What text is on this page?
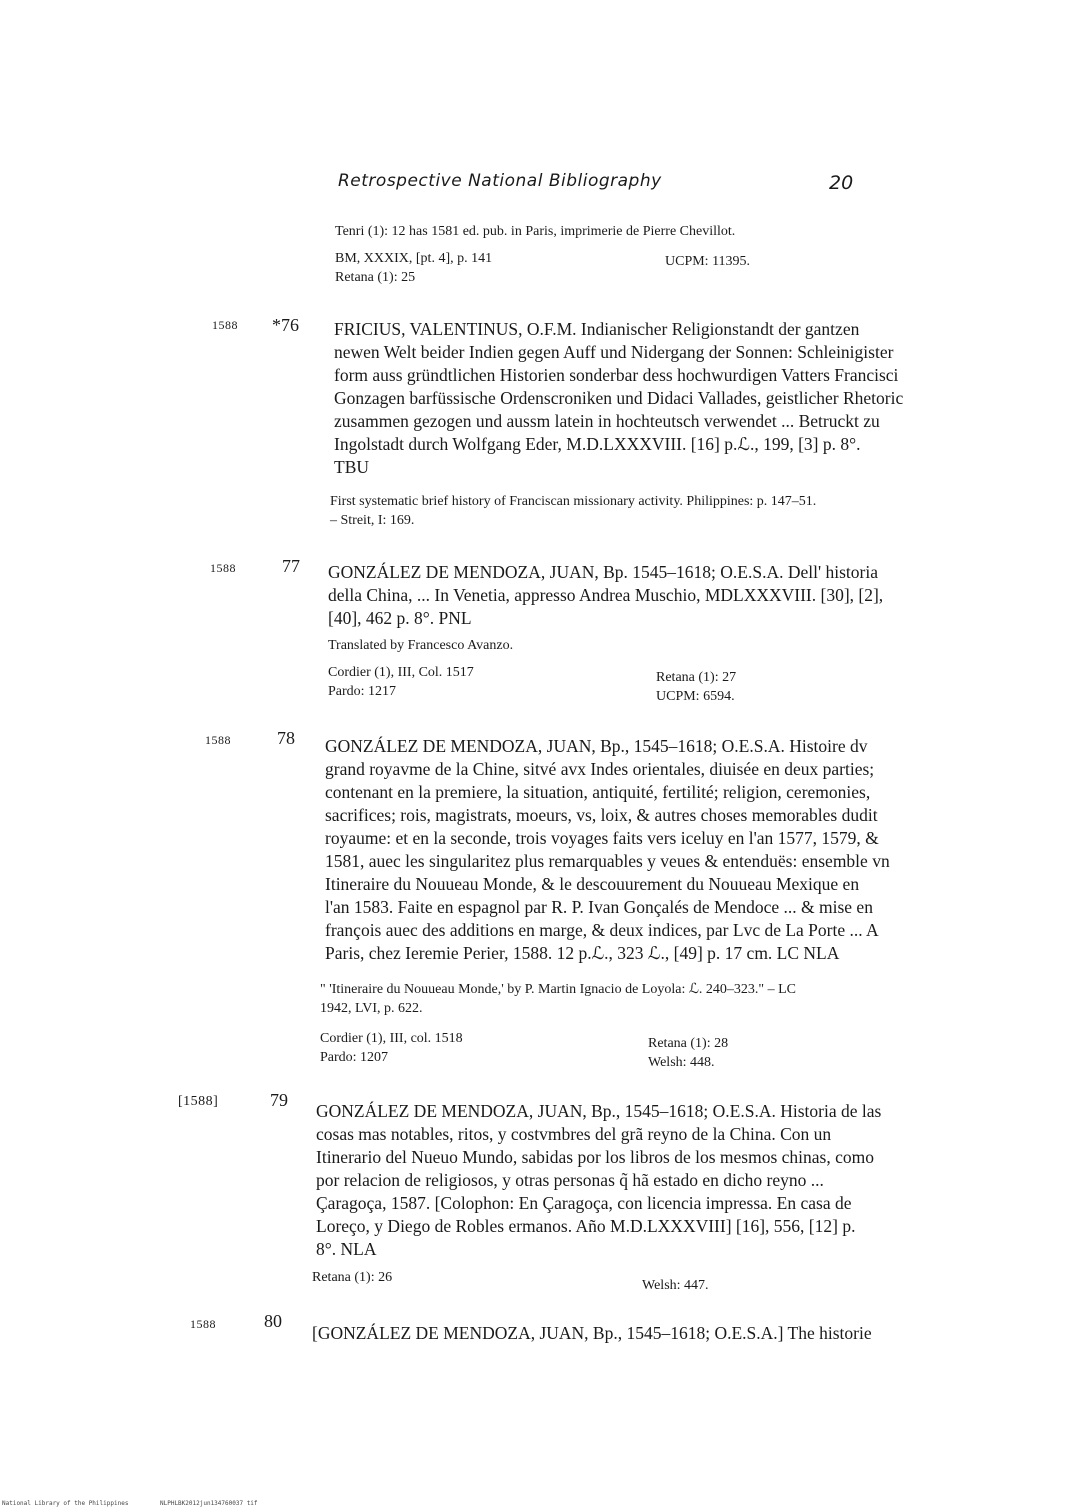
Retrospective National Bibliography	20
Tenri (1): 12 has 1581 ed. pub. in Paris, imprimerie de Pierre Chevillot.
BM, XXXIX, [pt. 4], p. 141	UCPM: 11395.
Retana (1): 25
1588 *76 FRICIUS, VALENTINUS, O.F.M. Indianischer Religionstandt der gantzen
newen Welt beider Indien gegen Auff und Nidergang der Sonnen: Schleinigister
form auss gründtlichen Historien sonderbar dess hochwurdigen Vatters Francisci
Gonzagen barfüssische Ordenscroniken und Didaci Vallades, geistlicher Rhetoric
zusammen gezogen und aussm latein in hochteutsch verwendet ... Betruckt zu
Ingolstadt durch Wolfgang Eder, M.D.LXXXVIII. [16] p.ℒ., 199, [3] p. 8°.
TBU
First systematic brief history of Franciscan missionary activity. Philippines: p. 147–51.
– Streit, I: 169.
1588	77 GONZÁLEZ DE MENDOZA, JUAN, Bp. 1545–1618; O.E.S.A. Dell' historia
della China, ... In Venetia, appresso Andrea Muschio, MDLXXXVIII. [30], [2],
[40], 462 p. 8°. PNL
Translated by Francesco Avanzo.
Cordier (1), III, Col. 1517
Pardo: 1217
Retana (1): 27
UCPM: 6594.
1588	78 GONZÁLEZ DE MENDOZA, JUAN, Bp., 1545–1618; O.E.S.A. Histoire dv
grand royavme de la Chine, sitvé avx Indes orientales, diuisée en deux parties;
contenant en la premiere, la situation, antiquité, fertilité; religion, ceremonies,
sacrifices; rois, magistrats, moeurs, vs, loix, & autres choses memorables dudit
royaume: et en la seconde, trois voyages faits vers iceluy en l'an 1577, 1579, &
1581, auec les singularitez plus remarquables y veues & entenduës: ensemble vn
Itineraire du Nouueau Monde, & le descouurement du Nouueau Mexique en
l'an 1583. Faite en espagnol par R. P. Ivan Gonçalés de Mendoce ... & mise en
françois auec des additions en marge, & deux indices, par Lvc de La Porte ... A
Paris, chez Ieremie Perier, 1588. 12 p.ℒ., 323 ℒ., [49] p. 17 cm. LC NLA
" 'Itineraire du Nouueau Monde,' by P. Martin Ignacio de Loyola: ℒ. 240–323." – LC
1942, LVI, p. 622.
Cordier (1), III, col. 1518
Pardo: 1207
Retana (1): 28
Welsh: 448.
[1588]	79
GONZÁLEZ DE MENDOZA, JUAN, Bp., 1545–1618; O.E.S.A. Historia de las
cosas mas notables, ritos, y costvmbres del grã reyno de la China. Con un
Itinerario del Nueuo Mundo, sabidas por los libros de los mesmos chinas, como
por relacion de religiosos, y otras personas q̃ hã estado en dicho reyno ...
Çaragoça, 1587. [Colophon: En Çaragoça, con licencia impressa. En casa de
Loreço, y Diego de Robles ermanos. Año M.D.LXXXVIII] [16], 556, [12] p.
8°. NLA
Retana (1): 26
Welsh: 447.
1588	80
[GONZÁLEZ DE MENDOZA, JUAN, Bp., 1545–1618; O.E.S.A.] The historie
National Library of the Philippines	NLPHLBK2012jun134760037 tif
